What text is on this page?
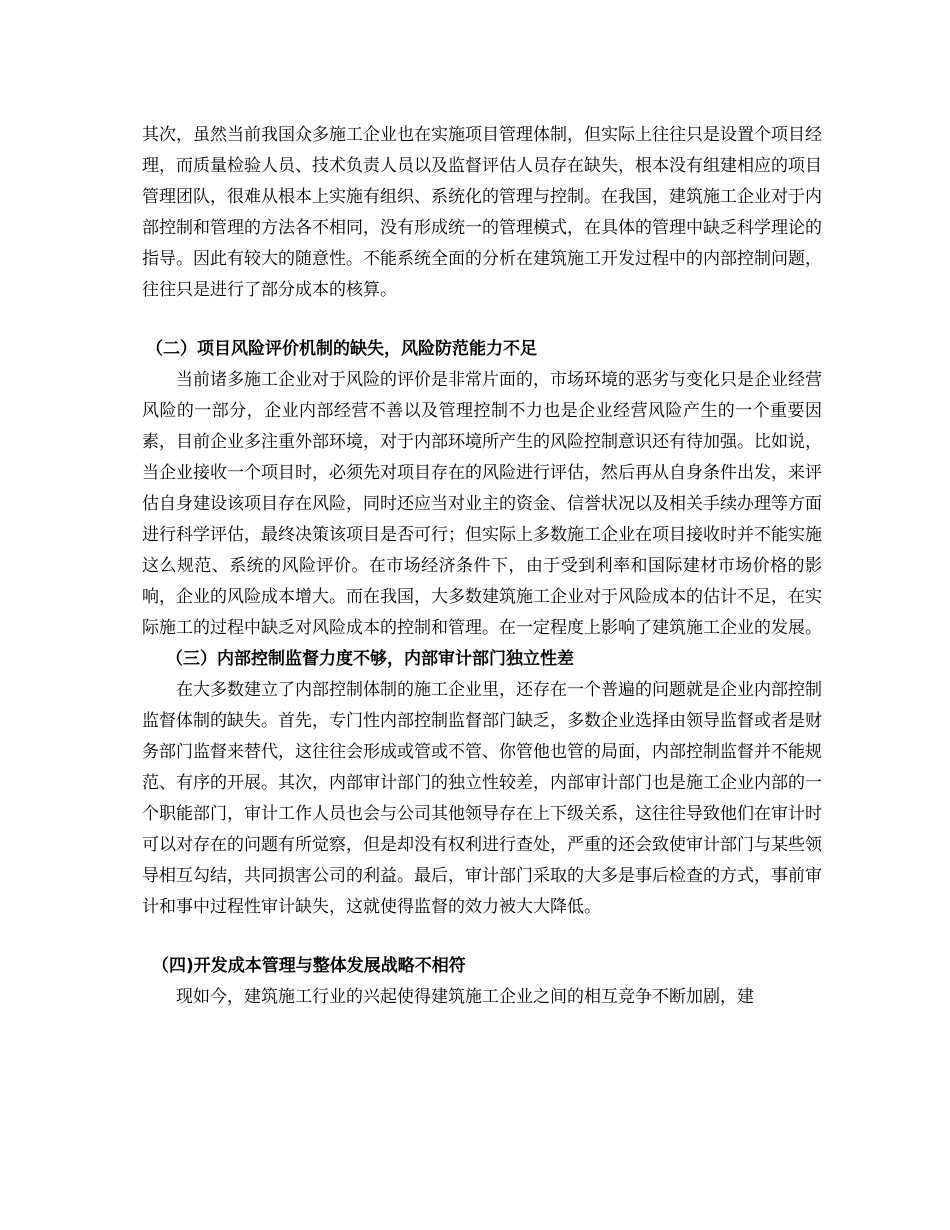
其次，虽然当前我国众多施工企业也在实施项目管理体制，但实际上往往只是设置个项目经理，而质量检验人员、技术负责人员以及监督评估人员存在缺失，根本没有组建相应的项目管理团队，很难从根本上实施有组织、系统化的管理与控制。在我国，建筑施工企业对于内部控制和管理的方法各不相同，没有形成统一的管理模式，在具体的管理中缺乏科学理论的指导。因此有较大的随意性。不能系统全面的分析在建筑施工开发过程中的内部控制问题，往往只是进行了部分成本的核算。

（二）项目风险评价机制的缺失，风险防范能力不足

当前诸多施工企业对于风险的评价是非常片面的，市场环境的恶劣与变化只是企业经营风险的一部分，企业内部经营不善以及管理控制不力也是企业经营风险产生的一个重要因素，目前企业多注重外部环境，对于内部环境所产生的风险控制意识还有待加强。比如说，当企业接收一个项目时，必须先对项目存在的风险进行评估，然后再从自身条件出发，来评估自身建设该项目存在风险，同时还应当对业主的资金、信誉状况以及相关手续办理等方面进行科学评估，最终决策该项目是否可行；但实际上多数施工企业在项目接收时并不能实施这么规范、系统的风险评价。在市场经济条件下，由于受到利率和国际建材市场价格的影响，企业的风险成本增大。而在我国，大多数建筑施工企业对于风险成本的估计不足，在实际施工的过程中缺乏对风险成本的控制和管理。在一定程度上影响了建筑施工企业的发展。

（三）内部控制监督力度不够，内部审计部门独立性差

在大多数建立了内部控制体制的施工企业里，还存在一个普遍的问题就是企业内部控制监督体制的缺失。首先，专门性内部控制监督部门缺乏，多数企业选择由领导监督或者是财务部门监督来替代，这往往会形成或管或不管、你管他也管的局面，内部控制监督并不能规范、有序的开展。其次，内部审计部门的独立性较差，内部审计部门也是施工企业内部的一个职能部门，审计工作人员也会与公司其他领导存在上下级关系，这往往导致他们在审计时可以对存在的问题有所觉察，但是却没有权利进行查处，严重的还会致使审计部门与某些领导相互勾结，共同损害公司的利益。最后，审计部门采取的大多是事后检查的方式，事前审计和事中过程性审计缺失，这就使得监督的效力被大大降低。

（四)开发成本管理与整体发展战略不相符

现如今，建筑施工行业的兴起使得建筑施工企业之间的相互竞争不断加剧，建
